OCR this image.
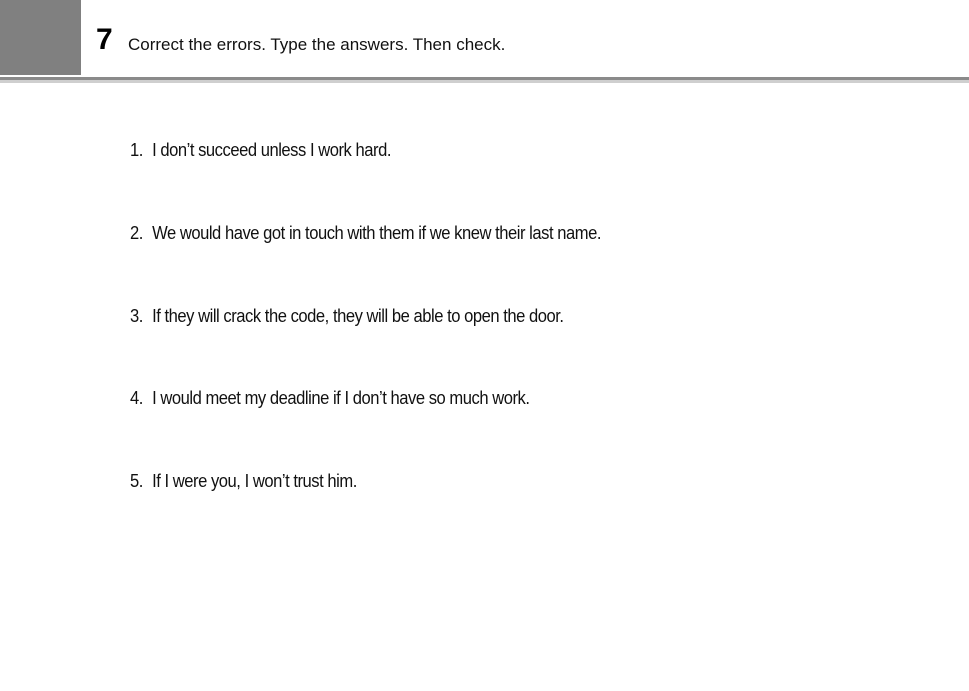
7 Correct the errors. Type the answers. Then check.
1. I don’t succeed unless I work hard.
2. We would have got in touch with them if we knew their last name.
3. If they will crack the code, they will be able to open the door.
4. I would meet my deadline if I don’t have so much work.
5. If I were you, I won’t trust him.
